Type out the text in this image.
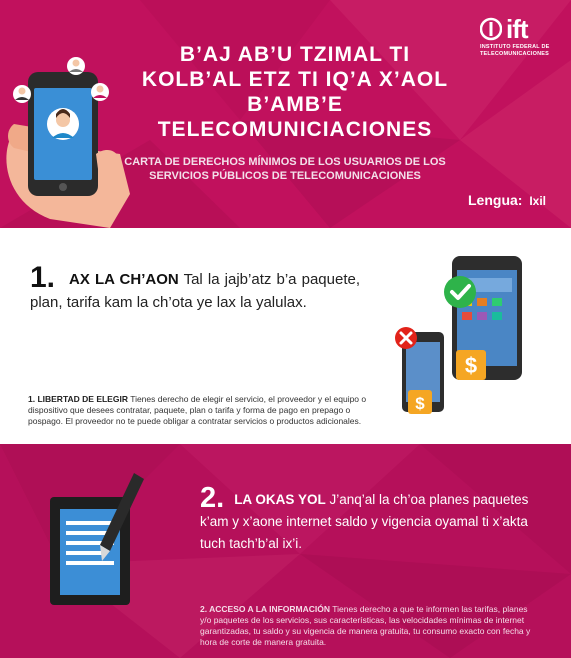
B’AJ AB’U TZIMAL TI KOLB’AL ETZ TI IQ’A X’AOL B’AMB’E TELECOMUNICIACIONES
CARTA DE DERECHOS MÍNIMOS DE LOS USUARIOS DE LOS SERVICIOS PÚBLICOS DE TELECOMUNICACIONES
ift
INSTITUTO FEDERAL DE TELECOMUNICACIONES
Lengua: Ixil
1. AX LA CH’AON Tal la jajb’atz b’a paquete, plan, tarifa kam la ch’ota ye lax la yalulax.
$
$
1. LIBERTAD DE ELEGIR Tienes derecho de elegir el servicio, el proveedor y el equipo o dispositivo que desees contratar, paquete, plan o tarifa y forma de pago en prepago o pospago. El proveedor no te puede obligar a contratar servicios o productos adicionales.
2. LA OKAS YOL J’anq’al la ch’oa planes paquetes k’am y x’aone internet saldo y vigencia oyamal ti x’akta tuch tach’b’al ix’i.
2. ACCESO A LA INFORMACIÓN Tienes derecho a que te informen las tarifas, planes y/o paquetes de los servicios, sus características, las velocidades mínimas de internet garantizadas, tu saldo y su vigencia de manera gratuita, tu consumo exacto con fecha y hora de corte de manera gratuita.
